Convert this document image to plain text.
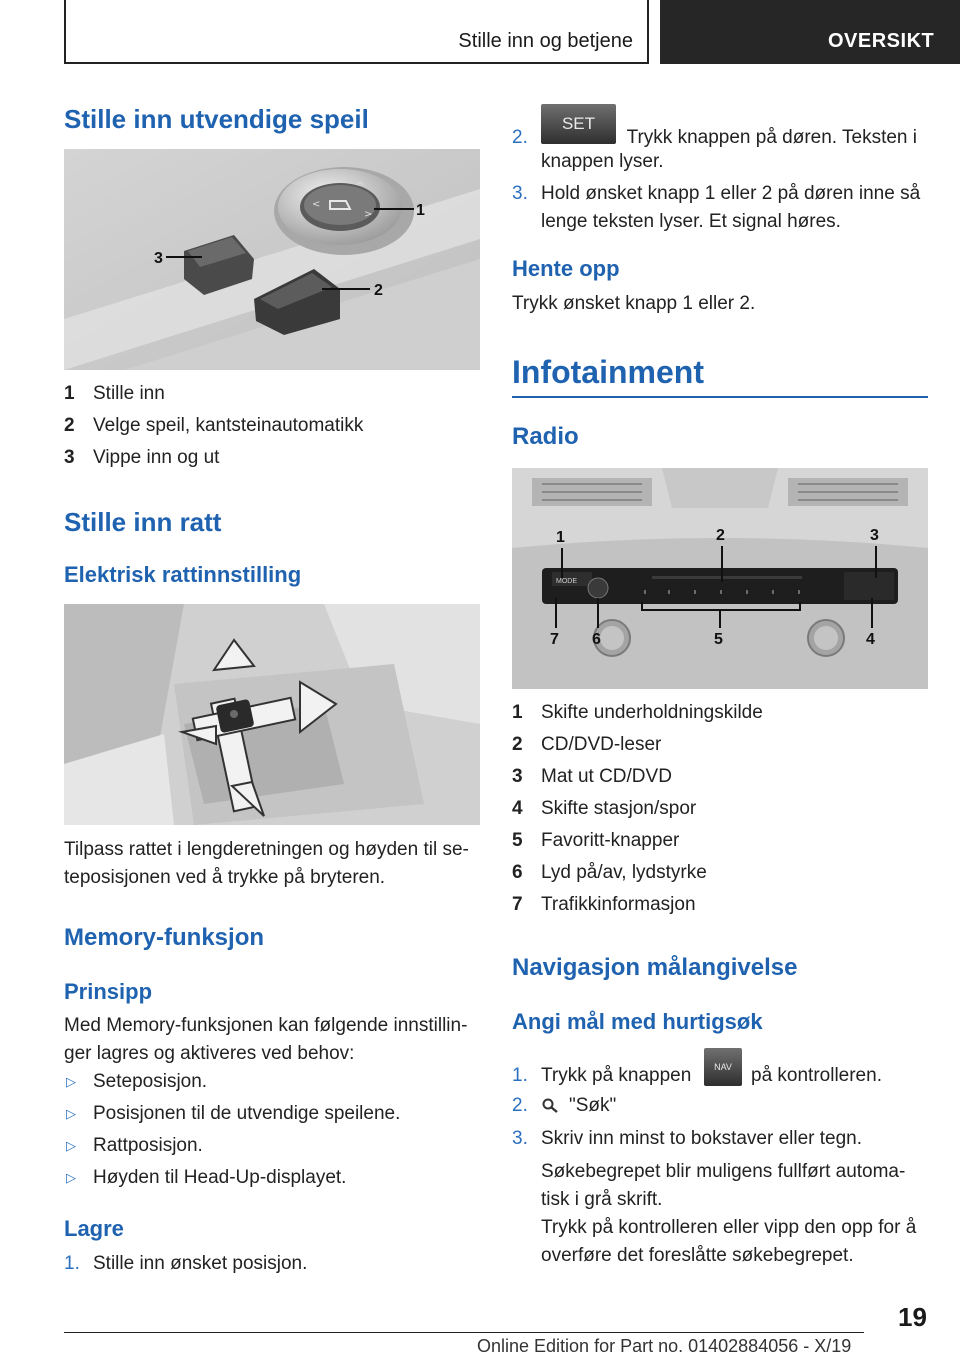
Stille inn og betjene	OVERSIKT
Stille inn utvendige speil
^
>
<	1
2
3
1 Stille inn
2 Velge speil, kantsteinautomatikk
3 Vippe inn og ut
Stille inn ratt
Elektrisk rattinnstilling
Tilpass rattet i lengderetningen og høyden til se-
teposisjonen ved å trykke på bryteren.
Memory-funksjon
Prinsipp
Med Memory-funksjonen kan følgende innstillin-
ger lagres og aktiveres ved behov:
▷ Seteposisjon.
▷ Posisjonen til de utvendige speilene.
▷ Rattposisjon.
▷ Høyden til Head-Up-displayet.
Lagre
1. Stille inn ønsket posisjon.
2.
SET
Trykk knappen på døren. Teksten i
knappen lyser.
3. Hold ønsket knapp 1 eller 2 på døren inne så
lenge teksten lyser. Et signal høres.
Hente opp
Trykk ønsket knapp 1 eller 2.
Infotainment
Radio
MODE
1	2	3
7 6	5	4
1 Skifte underholdningskilde
2 CD/DVD-leser
3 Mat ut CD/DVD
4 Skifte stasjon/spor
5 Favoritt-knapper
6 Lyd på/av, lydstyrke
7 Trafikkinformasjon
Navigasjon målangivelse
Angi mål med hurtigsøk
1. Trykk på knappen	NAV	på kontrolleren.
2. "Søk"
3. Skriv inn minst to bokstaver eller tegn.
Søkebegrepet blir muligens fullført automa-
tisk i grå skrift.
Trykk på kontrolleren eller vipp den opp for å
overføre det foreslåtte søkebegrepet.
19
Online Edition for Part no. 01402884056 - X/19
